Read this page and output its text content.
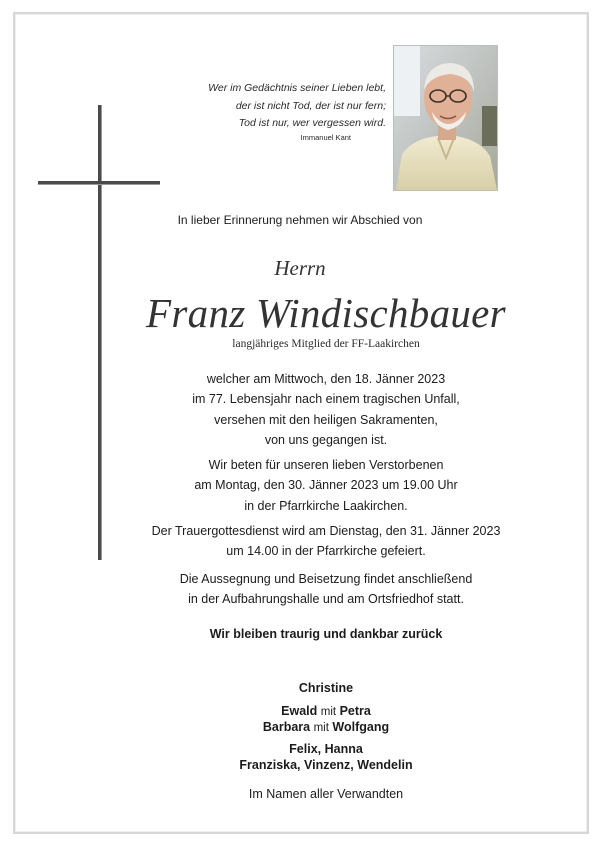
Wer im Gedächtnis seiner Lieben lebt,
der ist nicht Tod, der ist nur fern;
Tod ist nur, wer vergessen wird.
Immanuel Kant
In lieber Erinnerung nehmen wir Abschied von
Herrn
Franz Windischbauer
langjähriges Mitglied der FF-Laakirchen
welcher am Mittwoch, den 18. Jänner 2023
im 77. Lebensjahr nach einem tragischen Unfall,
versehen mit den heiligen Sakramenten,
von uns gegangen ist.
Wir beten für unseren lieben Verstorbenen
am Montag, den 30. Jänner 2023 um 19.00 Uhr
in der Pfarrkirche Laakirchen.
Der Trauergottesdienst wird am Dienstag, den 31. Jänner 2023
um 14.00 in der Pfarrkirche gefeiert.
Die Aussegnung und Beisetzung findet anschließend
in der Aufbahrungshalle und am Ortsfriedhof statt.
Wir bleiben traurig und dankbar zurück
Christine
Ewald mit Petra
Barbara mit Wolfgang
Felix, Hanna
Franziska, Vinzenz, Wendelin
Im Namen aller Verwandten
